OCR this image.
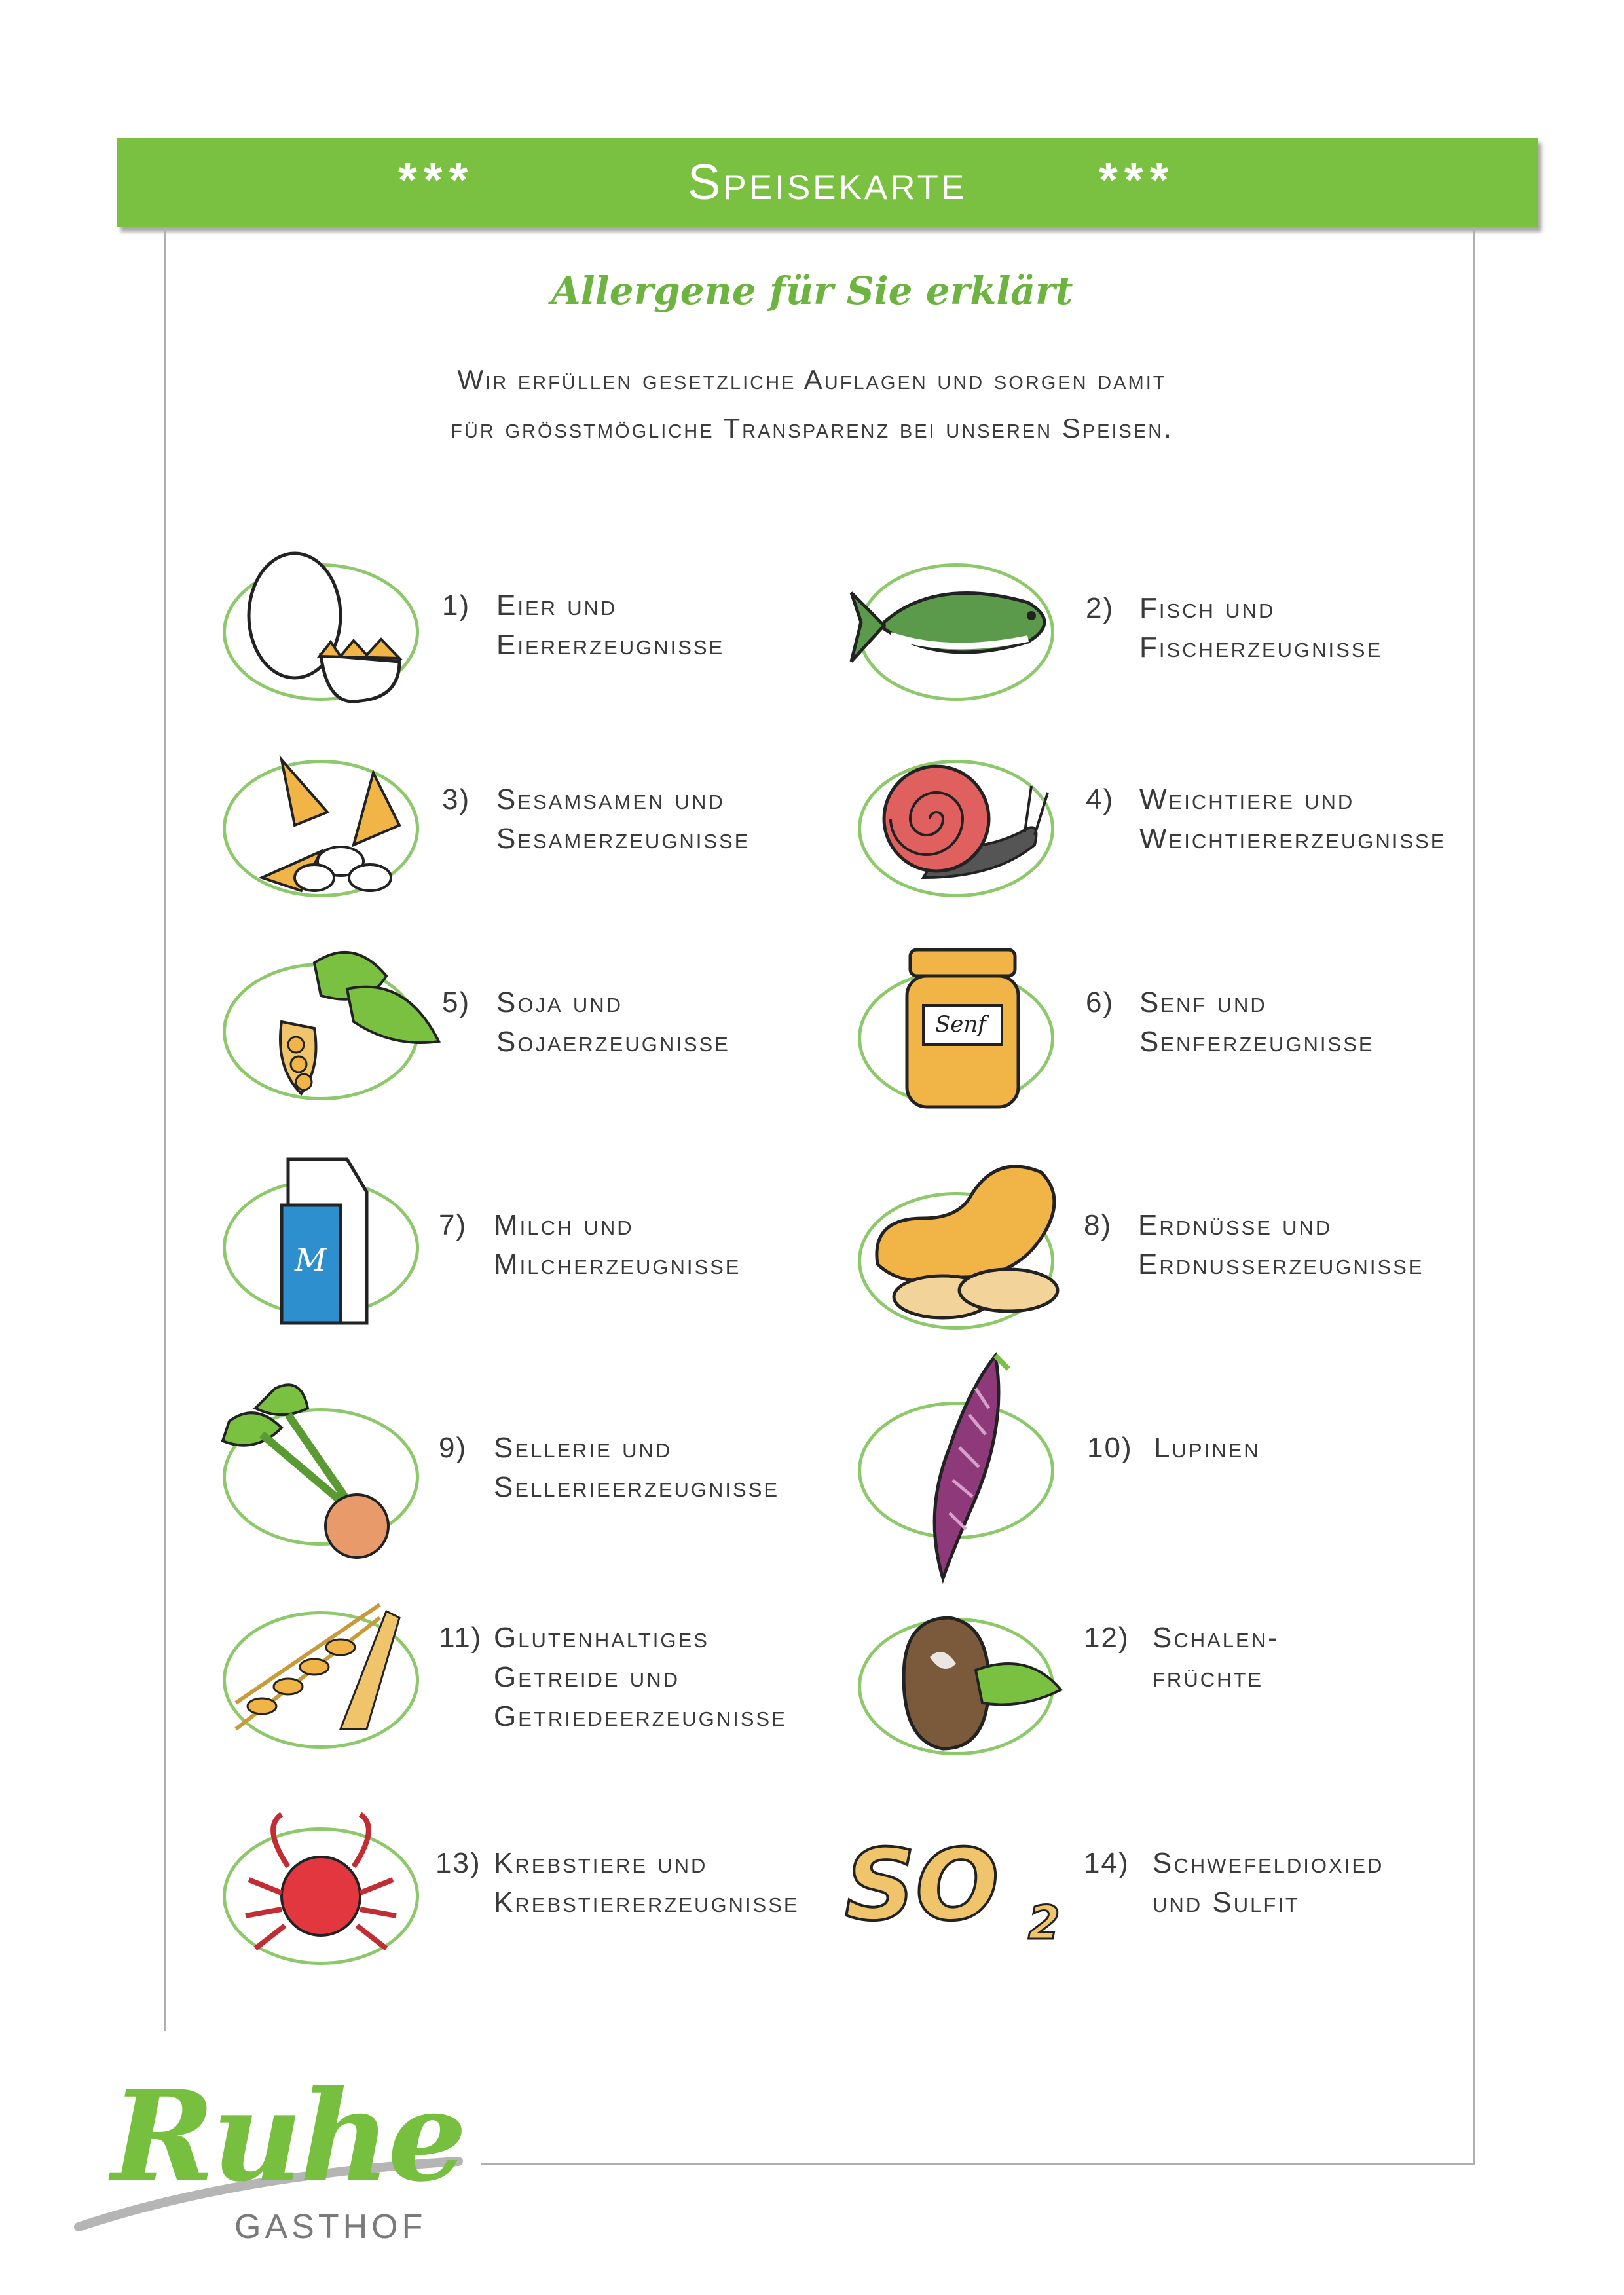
***	Speisekarte	***
Allergene für Sie erklärt
Wir erfüllen gesetzliche Auflagen und sorgen damit
für grösstmögliche Transparenz bei unseren Speisen.
1) Eier und
Eiererzeugnisse
3) Sesamsamen und
Sesamerzeugnisse
5) Soja und
Sojaerzeugnisse
M
7) Milch und
Milcherzeugnisse
9) Sellerie und
Sellerieerzeugnisse
11) Glutenhaltiges
Getreide und
Getriedeerzeugnisse
13) Krebstiere und
Krebstiererzeugnisse
2) Fisch und
Fischerzeugnisse
4) Weichtiere und
Weichtiererzeugnisse
Senf
6) Senf und
Senferzeugnisse
8) Erdnüsse und
Erdnusserzeugnisse
10) Lupinen
12) Schalen-
früchte
SO 2
14) Schwefeldioxied
und Sulfit
Ruhe
GASTHOF
